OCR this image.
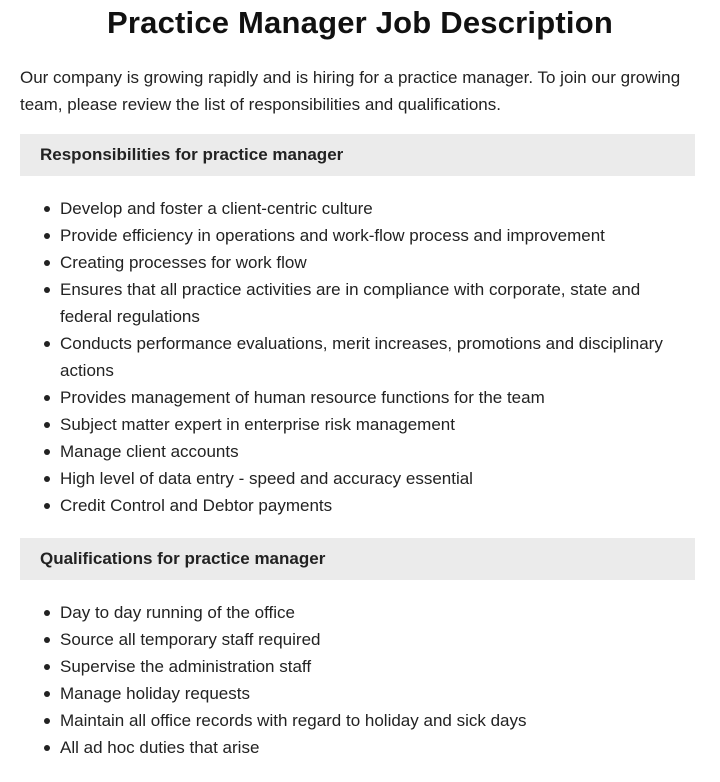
Practice Manager Job Description

Our company is growing rapidly and is hiring for a practice manager. To join our growing team, please review the list of responsibilities and qualifications.

Responsibilities for practice manager
Develop and foster a client-centric culture
Provide efficiency in operations and work-flow process and improvement
Creating processes for work flow
Ensures that all practice activities are in compliance with corporate, state and federal regulations
Conducts performance evaluations, merit increases, promotions and disciplinary actions
Provides management of human resource functions for the team
Subject matter expert in enterprise risk management
Manage client accounts
High level of data entry - speed and accuracy essential
Credit Control and Debtor payments
Qualifications for practice manager
Day to day running of the office
Source all temporary staff required
Supervise the administration staff
Manage holiday requests
Maintain all office records with regard to holiday and sick days
All ad hoc duties that arise
